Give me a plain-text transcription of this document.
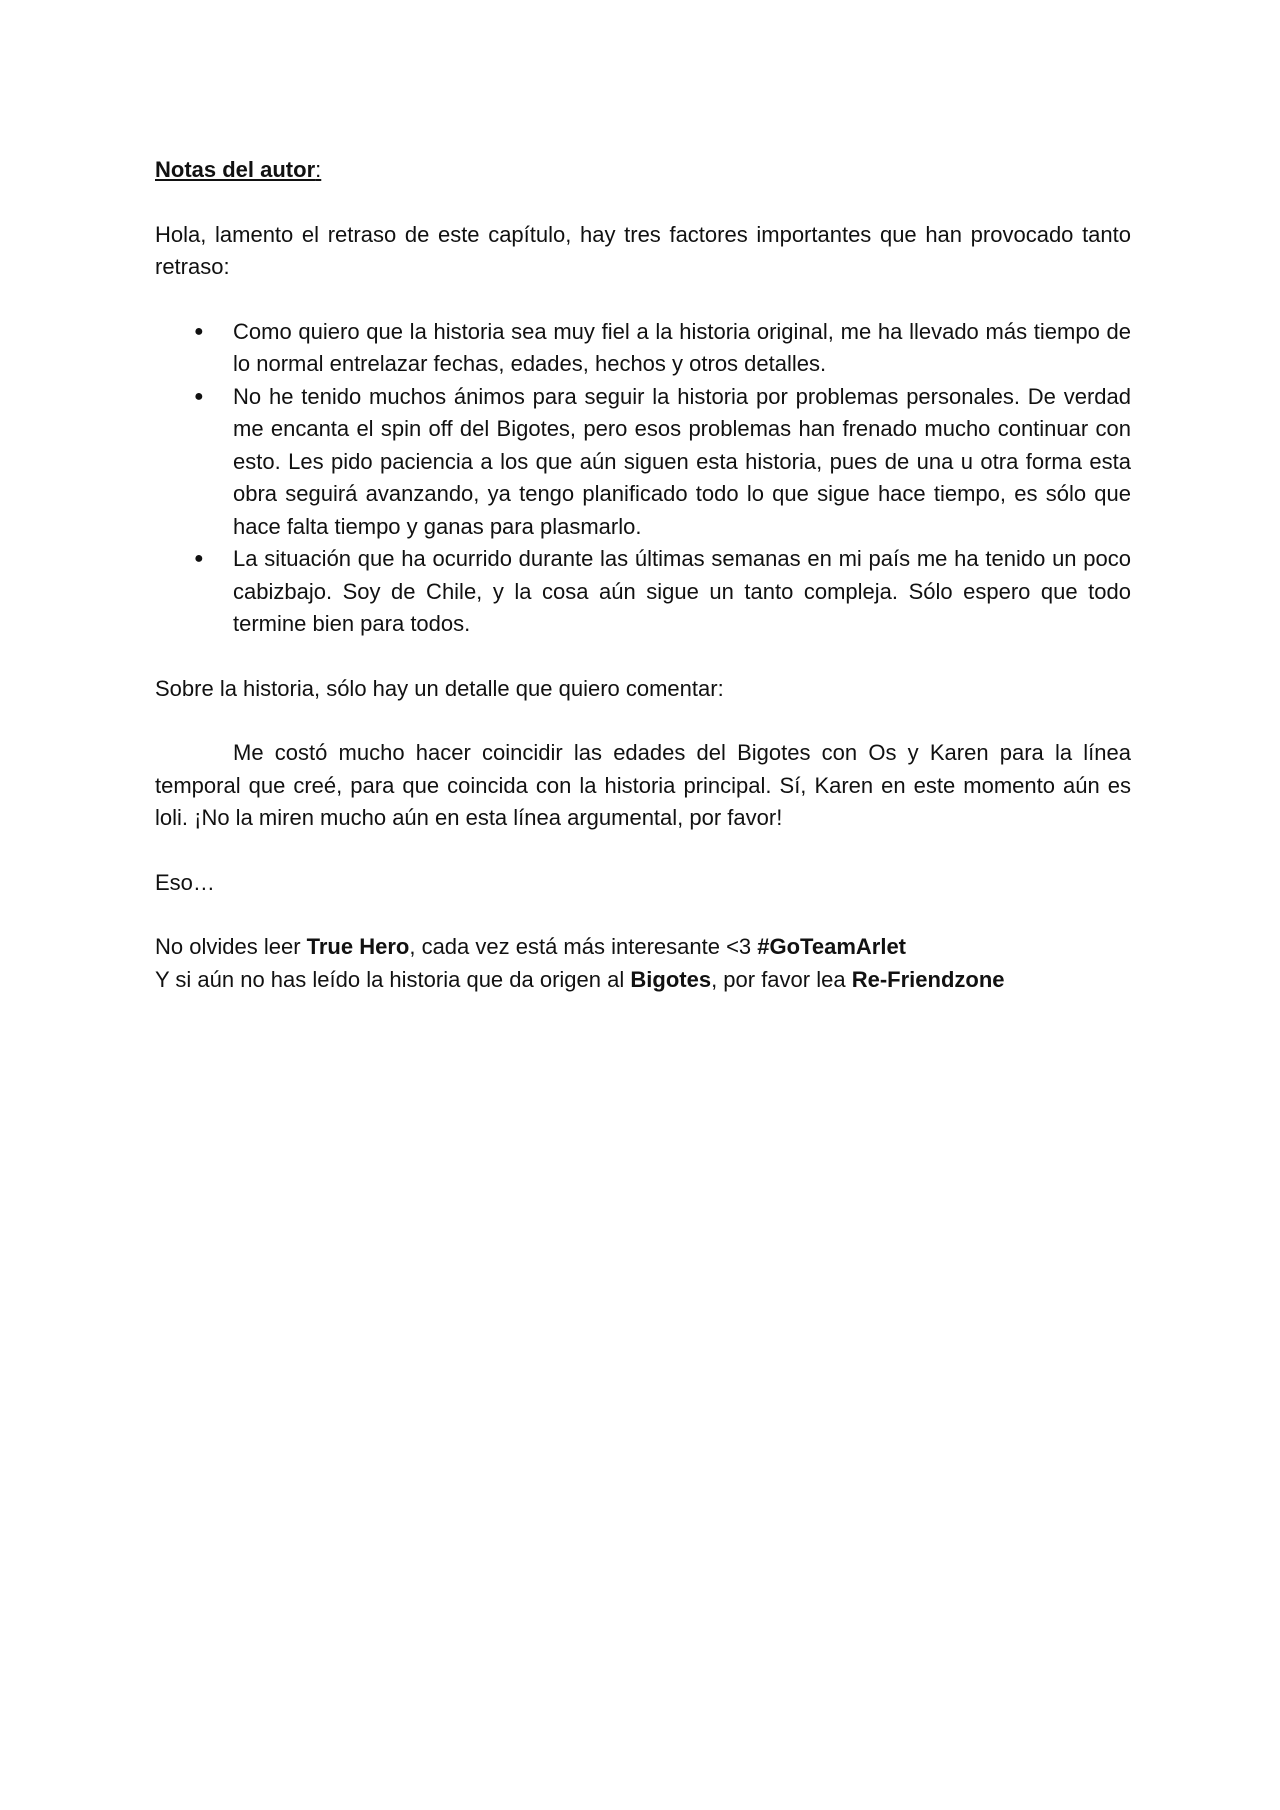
Notas del autor:

Hola, lamento el retraso de este capítulo, hay tres factores importantes que han provocado tanto retraso:

● Como quiero que la historia sea muy fiel a la historia original, me ha llevado más tiempo de lo normal entrelazar fechas, edades, hechos y otros detalles.
● No he tenido muchos ánimos para seguir la historia por problemas personales. De verdad me encanta el spin off del Bigotes, pero esos problemas han frenado mucho continuar con esto. Les pido paciencia a los que aún siguen esta historia, pues de una u otra forma esta obra seguirá avanzando, ya tengo planificado todo lo que sigue hace tiempo, es sólo que hace falta tiempo y ganas para plasmarlo.
● La situación que ha ocurrido durante las últimas semanas en mi país me ha tenido un poco cabizbajo. Soy de Chile, y la cosa aún sigue un tanto compleja. Sólo espero que todo termine bien para todos.

Sobre la historia, sólo hay un detalle que quiero comentar:

Me costó mucho hacer coincidir las edades del Bigotes con Os y Karen para la línea temporal que creé, para que coincida con la historia principal. Sí, Karen en este momento aún es loli. ¡No la miren mucho aún en esta línea argumental, por favor!

Eso…

No olvides leer True Hero, cada vez está más interesante <3 #GoTeamArlet
Y si aún no has leído la historia que da origen al Bigotes, por favor lea Re-Friendzone
